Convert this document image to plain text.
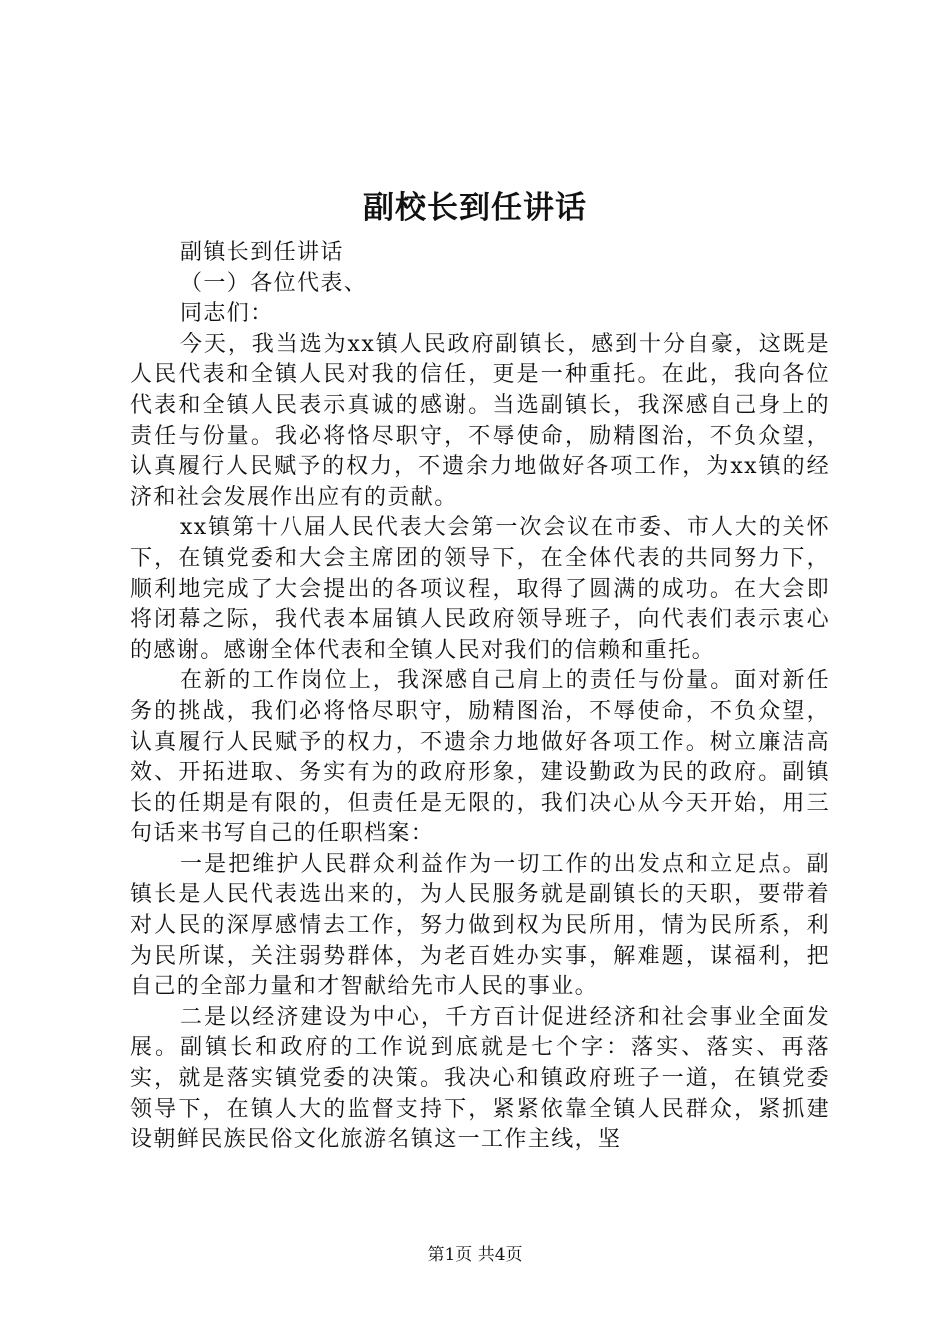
副校长到任讲话

副镇长到任讲话

（一）各位代表、

同志们：

今天，我当选为xx镇人民政府副镇长，感到十分自豪，这既是人民代表和全镇人民对我的信任，更是一种重托。在此，我向各位代表和全镇人民表示真诚的感谢。当选副镇长，我深感自己身上的责任与份量。我必将恪尽职守，不辱使命，励精图治，不负众望，认真履行人民赋予的权力，不遗余力地做好各项工作，为xx镇的经济和社会发展作出应有的贡献。

xx镇第十八届人民代表大会第一次会议在市委、市人大的关怀下，在镇党委和大会主席团的领导下，在全体代表的共同努力下，顺利地完成了大会提出的各项议程，取得了圆满的成功。在大会即将闭幕之际，我代表本届镇人民政府领导班子，向代表们表示衷心的感谢。感谢全体代表和全镇人民对我们的信赖和重托。

在新的工作岗位上，我深感自己肩上的责任与份量。面对新任务的挑战，我们必将恪尽职守，励精图治，不辱使命，不负众望，认真履行人民赋予的权力，不遗余力地做好各项工作。树立廉洁高效、开拓进取、务实有为的政府形象，建设勤政为民的政府。副镇长的任期是有限的，但责任是无限的，我们决心从今天开始，用三句话来书写自己的任职档案：

一是把维护人民群众利益作为一切工作的出发点和立足点。副镇长是人民代表选出来的，为人民服务就是副镇长的天职，要带着对人民的深厚感情去工作，努力做到权为民所用，情为民所系，利为民所谋，关注弱势群体，为老百姓办实事，解难题，谋福利，把自己的全部力量和才智献给先市人民的事业。

二是以经济建设为中心，千方百计促进经济和社会事业全面发展。副镇长和政府的工作说到底就是七个字：落实、落实、再落实，就是落实镇党委的决策。我决心和镇政府班子一道，在镇党委领导下，在镇人大的监督支持下，紧紧依靠全镇人民群众，紧抓建设朝鲜民族民俗文化旅游名镇这一工作主线，坚

第1页 共4页
